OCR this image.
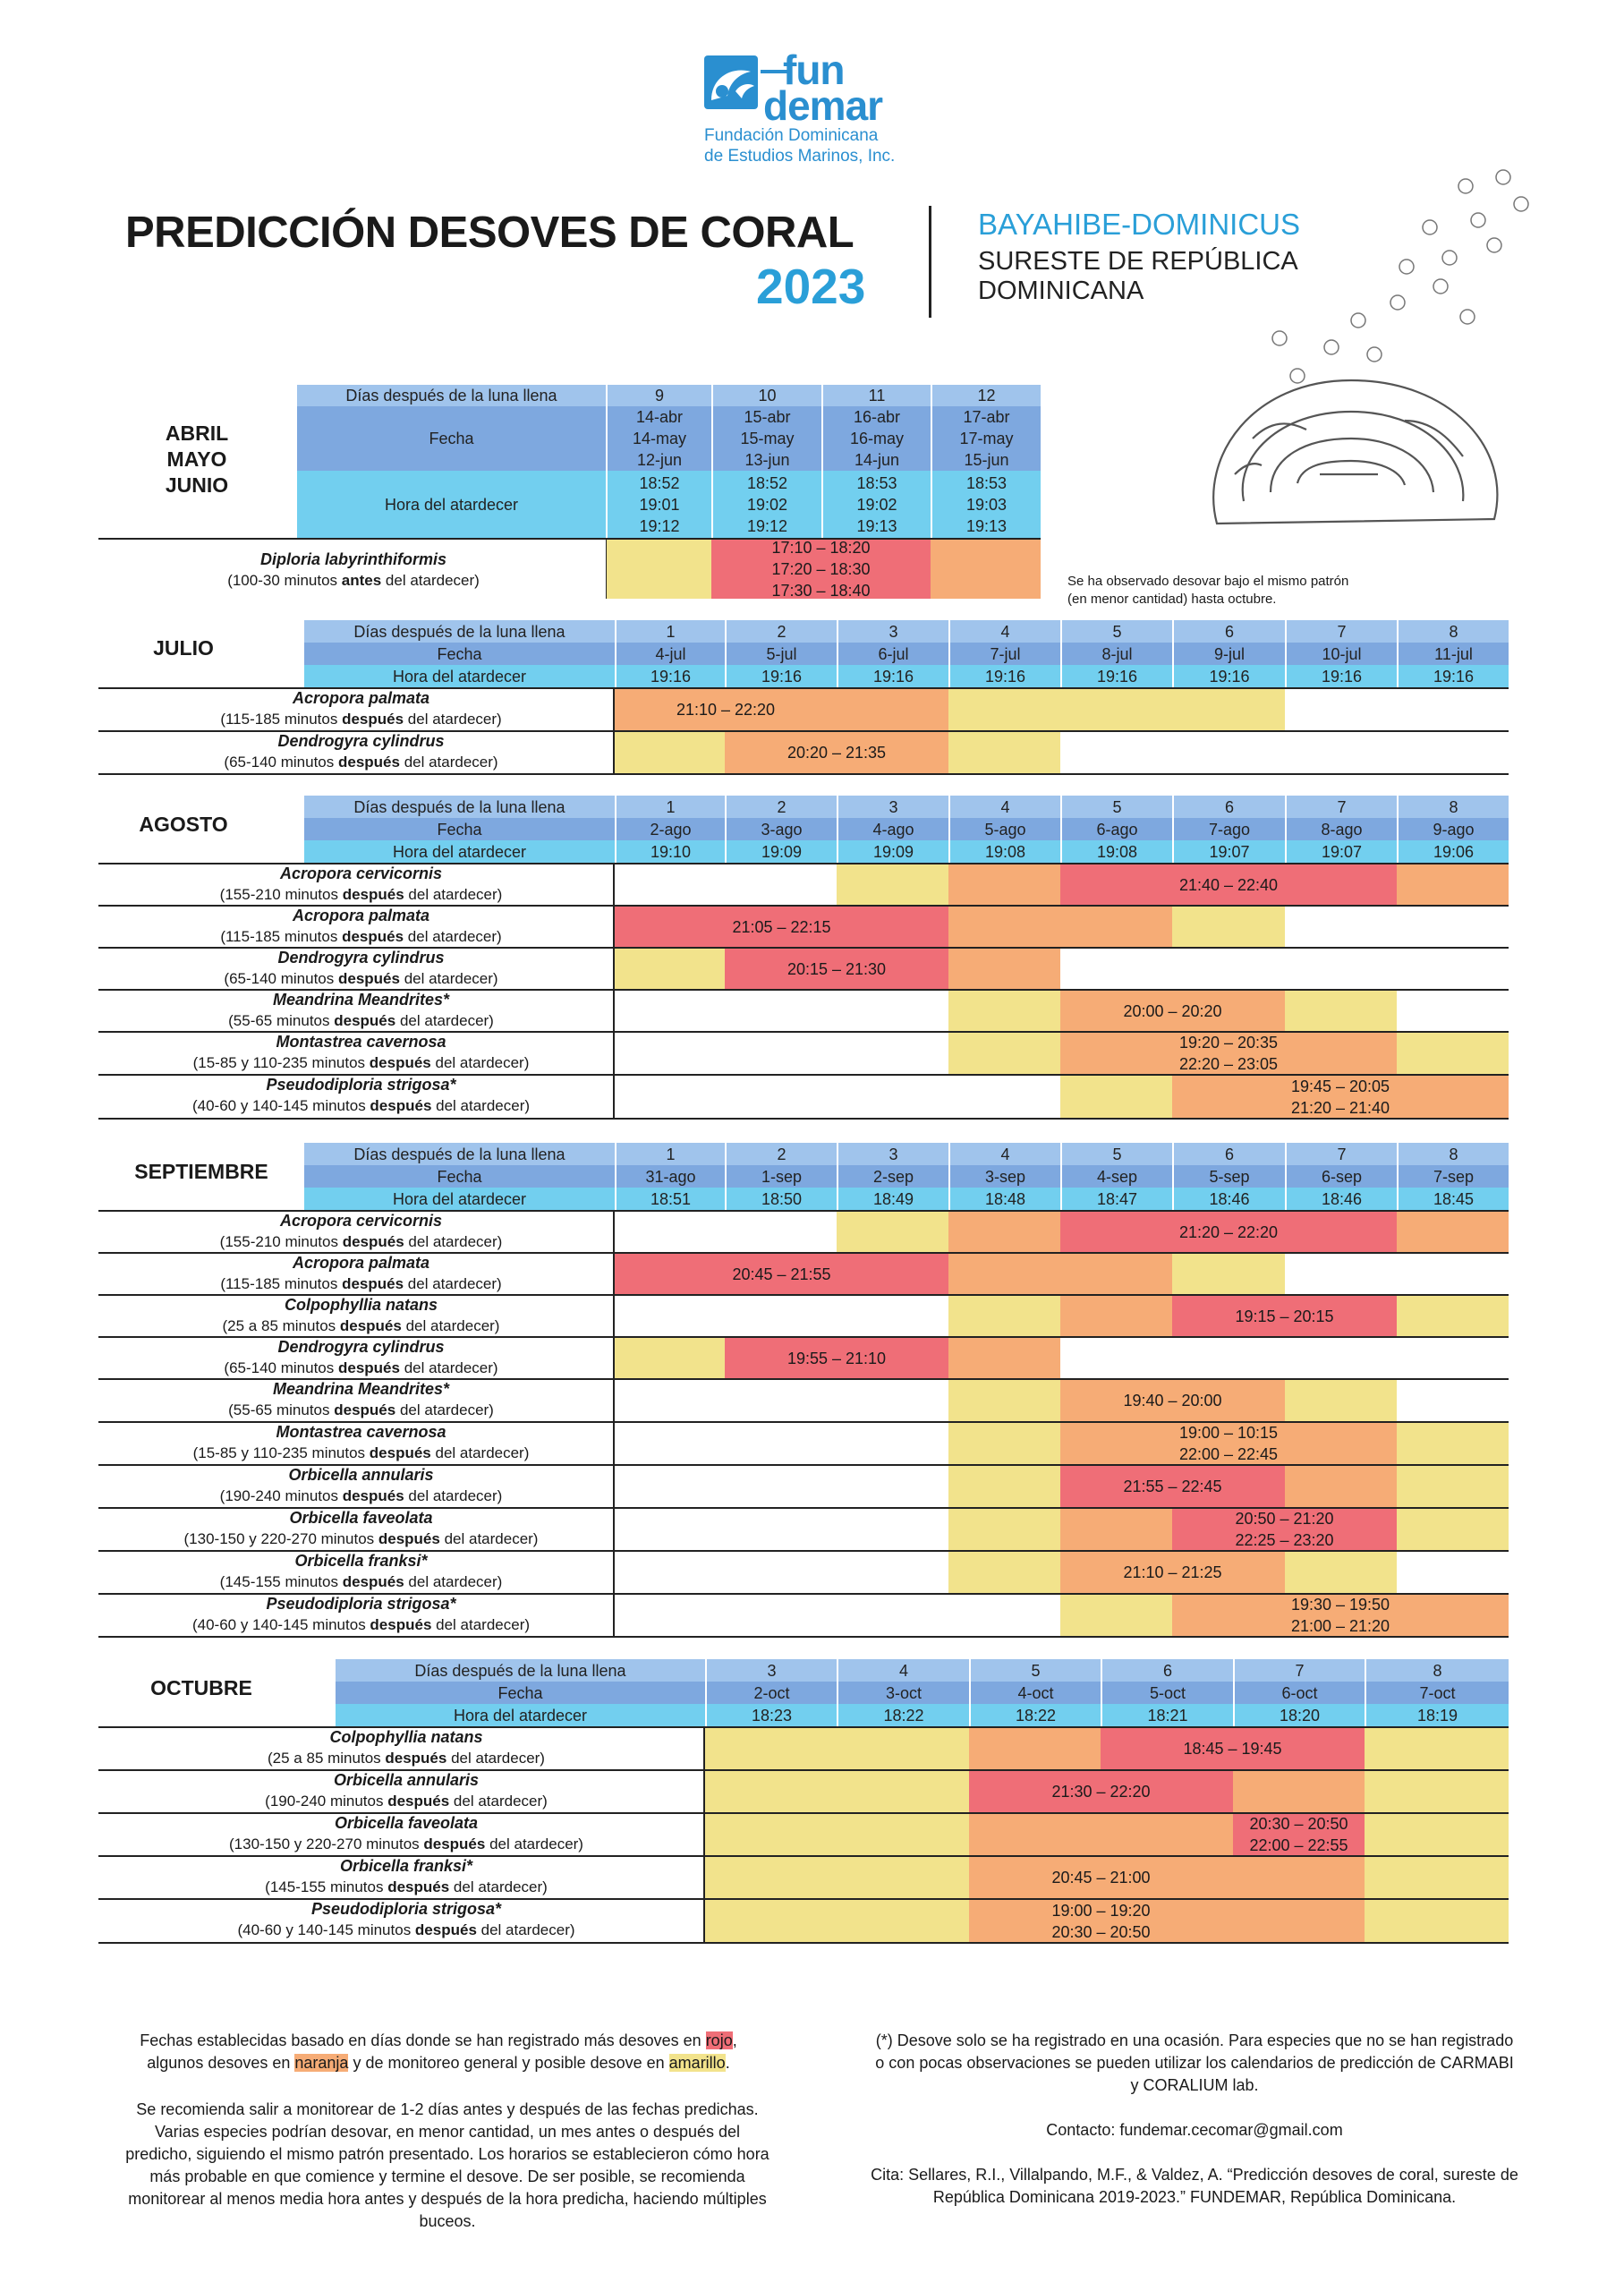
fun
demar
Fundación Dominicana
de Estudios Marinos, Inc.
PREDICCIÓN DESOVES DE CORAL
2023
BAYAHIBE-DOMINICUS
SURESTE DE REPÚBLICA
DOMINICANA
ABRIL
MAYO
JUNIO
Días después de la luna llena
Fecha
Hora del atardecer
9
14-abr
14-may
12-jun
18:52
19:01
19:12
10
15-abr
15-may
13-jun
18:52
19:02
19:12
11
16-abr
16-may
14-jun
18:53
19:02
19:13
12
17-abr
17-may
15-jun
18:53
19:03
19:13
17:10 – 18:20
17:20 – 18:30
17:30 – 18:40
Diploria labyrinthiformis
(100-30 minutos antes del atardecer)	Se ha observado desovar bajo el mismo patrón
(en menor cantidad) hasta octubre.
JULIO
Días después de la luna llena
Fecha
Hora del atardecer
1
4-jul
19:16
2
5-jul
19:16
3
6-jul
19:16
4
7-jul
19:16
5
8-jul
19:16
6
9-jul
19:16
7
10-jul
19:16
8
11-jul
19:16
21:10 – 22:20
Acropora palmata
(115-185 minutos después del atardecer)
20:20 – 21:35
Dendrogyra cylindrus
(65-140 minutos después del atardecer)
AGOSTO
Días después de la luna llena
Fecha
Hora del atardecer
1
2-ago
19:10
2
3-ago
19:09
3
4-ago
19:09
4
5-ago
19:08
5
6-ago
19:08
6
7-ago
19:07
7
8-ago
19:07
8
9-ago
19:06
21:40 – 22:40
Acropora cervicornis
(155-210 minutos después del atardecer)
21:05 – 22:15
Acropora palmata
(115-185 minutos después del atardecer)
20:15 – 21:30
Dendrogyra cylindrus
(65-140 minutos después del atardecer)
20:00 – 20:20
Meandrina Meandrites*
(55-65 minutos después del atardecer)
19:20 – 20:35
22:20 – 23:05
Montastrea cavernosa
(15-85 y 110-235 minutos después del atardecer)
19:45 – 20:05
21:20 – 21:40
Pseudodiploria strigosa*
(40-60 y 140-145 minutos después del atardecer)
SEPTIEMBRE
Días después de la luna llena
Fecha
Hora del atardecer
1
31-ago
18:51
2
1-sep
18:50
3
2-sep
18:49
4
3-sep
18:48
5
4-sep
18:47
6
5-sep
18:46
7
6-sep
18:46
8
7-sep
18:45
21:20 – 22:20
Acropora cervicornis
(155-210 minutos después del atardecer)
20:45 – 21:55
Acropora palmata
(115-185 minutos después del atardecer)
19:15 – 20:15
Colpophyllia natans
(25 a 85 minutos después del atardecer)
19:55 – 21:10
Dendrogyra cylindrus
(65-140 minutos después del atardecer)
19:40 – 20:00
Meandrina Meandrites*
(55-65 minutos después del atardecer)
19:00 – 10:15
22:00 – 22:45
Montastrea cavernosa
(15-85 y 110-235 minutos después del atardecer)
21:55 – 22:45
Orbicella annularis
(190-240 minutos después del atardecer)
20:50 – 21:20
22:25 – 23:20
Orbicella faveolata
(130-150 y 220-270 minutos después del atardecer)
21:10 – 21:25
Orbicella franksi*
(145-155 minutos después del atardecer)
19:30 – 19:50
21:00 – 21:20
Pseudodiploria strigosa*
(40-60 y 140-145 minutos después del atardecer)
OCTUBRE
Días después de la luna llena
Fecha
Hora del atardecer
3
2-oct
18:23
4
3-oct
18:22
5
4-oct
18:22
6
5-oct
18:21
7
6-oct
18:20
8
7-oct
18:19
18:45 – 19:45
Colpophyllia natans
(25 a 85 minutos después del atardecer)
21:30 – 22:20
Orbicella annularis
(190-240 minutos después del atardecer)
20:30 – 20:50
22:00 – 22:55
Orbicella faveolata
(130-150 y 220-270 minutos después del atardecer)
20:45 – 21:00
Orbicella franksi*
(145-155 minutos después del atardecer)
19:00 – 19:20
20:30 – 20:50
Pseudodiploria strigosa*
(40-60 y 140-145 minutos después del atardecer)
Fechas establecidas basado en días donde se han registrado más desoves en rojo,
algunos desoves en naranja y de monitoreo general y posible desove en amarillo.
Se recomienda salir a monitorear de 1-2 días antes y después de las fechas predichas. Varias especies podrían desovar, en menor cantidad, un mes antes o después del predicho, siguiendo el mismo patrón presentado. Los horarios se establecieron cómo hora más probable en que comience y termine el desove. De ser posible, se recomienda monitorear al menos media hora antes y después de la hora predicha, haciendo múltiples buceos.
(*) Desove solo se ha registrado en una ocasión. Para especies que no se han registrado o con pocas observaciones se pueden utilizar los calendarios de predicción de CARMABI y CORALIUM lab.
Contacto: fundemar.cecomar@gmail.com
Cita: Sellares, R.I., Villalpando, M.F., & Valdez, A. “Predicción desoves de coral, sureste de República Dominicana 2019-2023.” FUNDEMAR, República Dominicana.
